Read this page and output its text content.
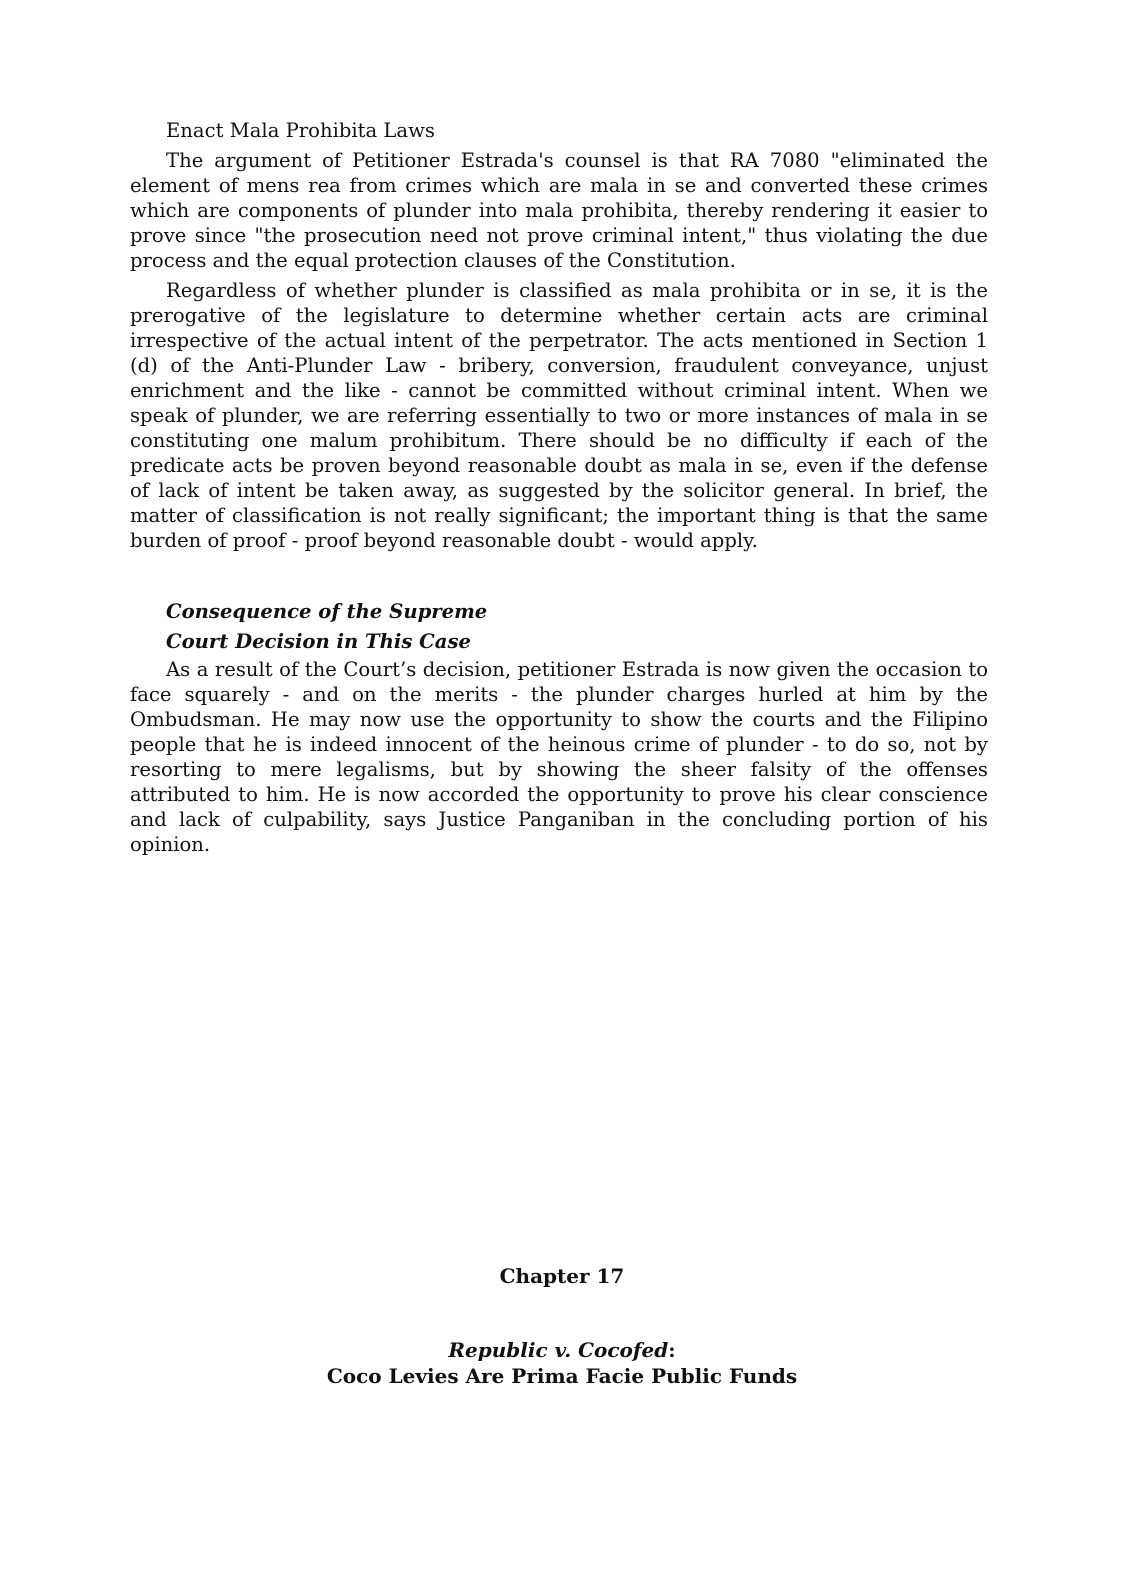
Enact Mala Prohibita Laws

The argument of Petitioner Estrada's counsel is that RA 7080 "eliminated the element of mens rea from crimes which are mala in se and converted these crimes which are components of plunder into mala prohibita, thereby rendering it easier to prove since "the prosecution need not prove criminal intent," thus violating the due process and the equal protection clauses of the Constitution.

Regardless of whether plunder is classified as mala prohibita or in se, it is the prerogative of the legislature to determine whether certain acts are criminal irrespective of the actual intent of the perpetrator. The acts mentioned in Section 1 (d) of the Anti-Plunder Law - bribery, conversion, fraudulent conveyance, unjust enrichment and the like - cannot be committed without criminal intent. When we speak of plunder, we are referring essentially to two or more instances of mala in se constituting one malum prohibitum. There should be no difficulty if each of the predicate acts be proven beyond reasonable doubt as mala in se, even if the defense of lack of intent be taken away, as suggested by the solicitor general. In brief, the matter of classification is not really significant; the important thing is that the same burden of proof - proof beyond reasonable doubt - would apply.

Consequence of the Supreme
Court Decision in This Case

As a result of the Court’s decision, petitioner Estrada is now given the occasion to face squarely - and on the merits - the plunder charges hurled at him by the Ombudsman. He may now use the opportunity to show the courts and the Filipino people that he is indeed innocent of the heinous crime of plunder - to do so, not by resorting to mere legalisms, but by showing the sheer falsity of the offenses attributed to him. He is now accorded the opportunity to prove his clear conscience and lack of culpability, says Justice Panganiban in the concluding portion of his opinion.

Chapter 17
Republic v. Cocofed:
Coco Levies Are Prima Facie Public Funds
